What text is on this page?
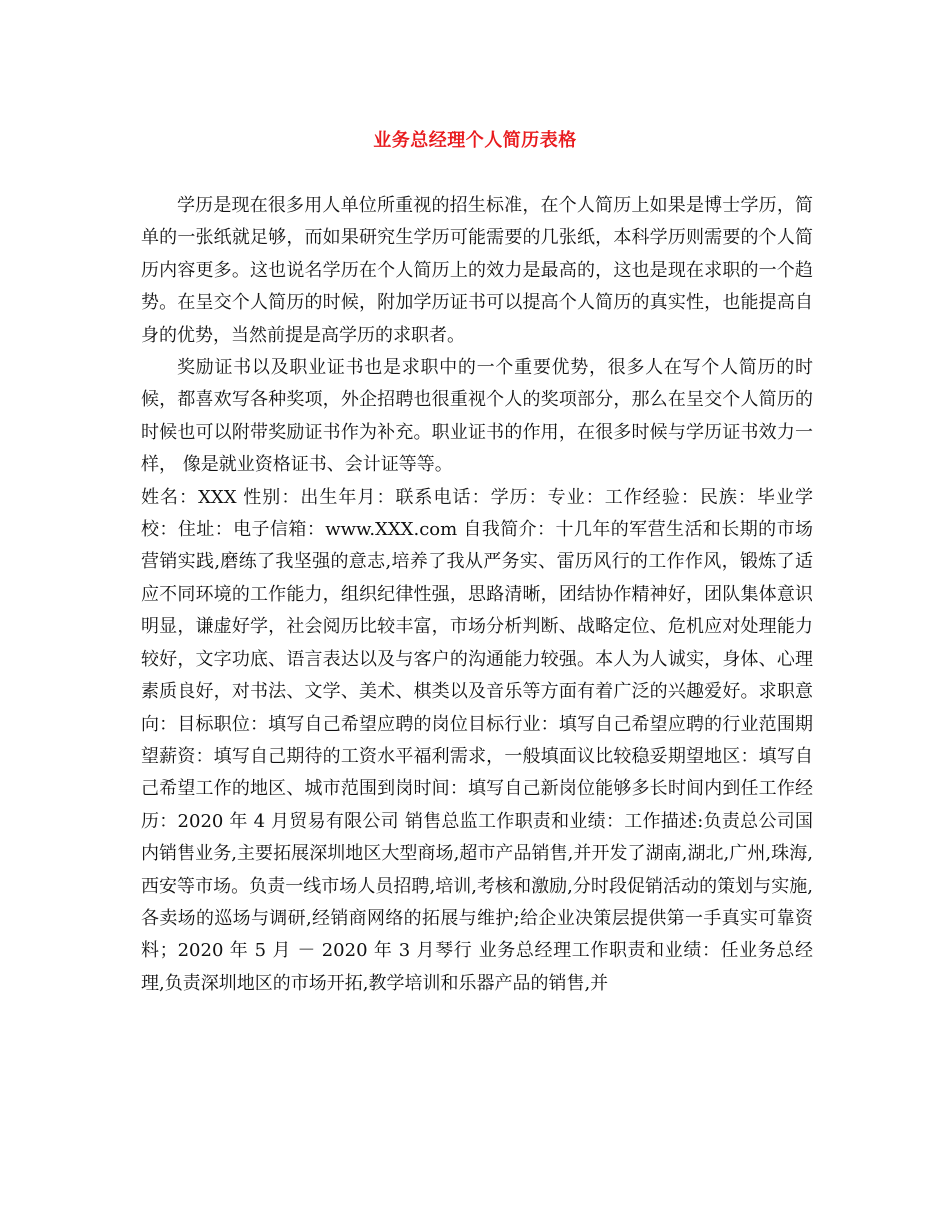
业务总经理个人简历表格

学历是现在很多用人单位所重视的招生标准，在个人简历上如果是博士学历，简单的一张纸就足够，而如果研究生学历可能需要的几张纸，本科学历则需要的个人简历内容更多。这也说名学历在个人简历上的效力是最高的，这也是现在求职的一个趋势。在呈交个人简历的时候，附加学历证书可以提高个人简历的真实性，也能提高自身的优势，当然前提是高学历的求职者。

奖励证书以及职业证书也是求职中的一个重要优势，很多人在写个人简历的时候，都喜欢写各种奖项，外企招聘也很重视个人的奖项部分，那么在呈交个人简历的时候也可以附带奖励证书作为补充。职业证书的作用，在很多时候与学历证书效力一样， 像是就业资格证书、会计证等等。

姓名：XXX 性别：出生年月：联系电话：学历：专业：工作经验：民族：毕业学校：住址：电子信箱：www.XXX.com 自我简介：十几年的军营生活和长期的市场营销实践,磨练了我坚强的意志,培养了我从严务实、雷历风行的工作作风，锻炼了适应不同环境的工作能力，组织纪律性强，思路清晰，团结协作精神好，团队集体意识明显，谦虚好学，社会阅历比较丰富，市场分析判断、战略定位、危机应对处理能力较好，文字功底、语言表达以及与客户的沟通能力较强。本人为人诚实，身体、心理素质良好，对书法、文学、美术、棋类以及音乐等方面有着广泛的兴趣爱好。求职意向：目标职位：填写自己希望应聘的岗位目标行业：填写自己希望应聘的行业范围期望薪资：填写自己期待的工资水平福利需求，一般填面议比较稳妥期望地区：填写自己希望工作的地区、城市范围到岗时间：填写自己新岗位能够多长时间内到任工作经历：2020 年 4 月贸易有限公司 销售总监工作职责和业绩：工作描述:负责总公司国内销售业务,主要拓展深圳地区大型商场,超市产品销售,并开发了湖南,湖北,广州,珠海,西安等市场。负责一线市场人员招聘,培训,考核和激励,分时段促销活动的策划与实施,各卖场的巡场与调研,经销商网络的拓展与维护;给企业决策层提供第一手真实可靠资料；2020 年 5 月 － 2020 年 3 月琴行 业务总经理工作职责和业绩：任业务总经理,负责深圳地区的市场开拓,教学培训和乐器产品的销售,并
